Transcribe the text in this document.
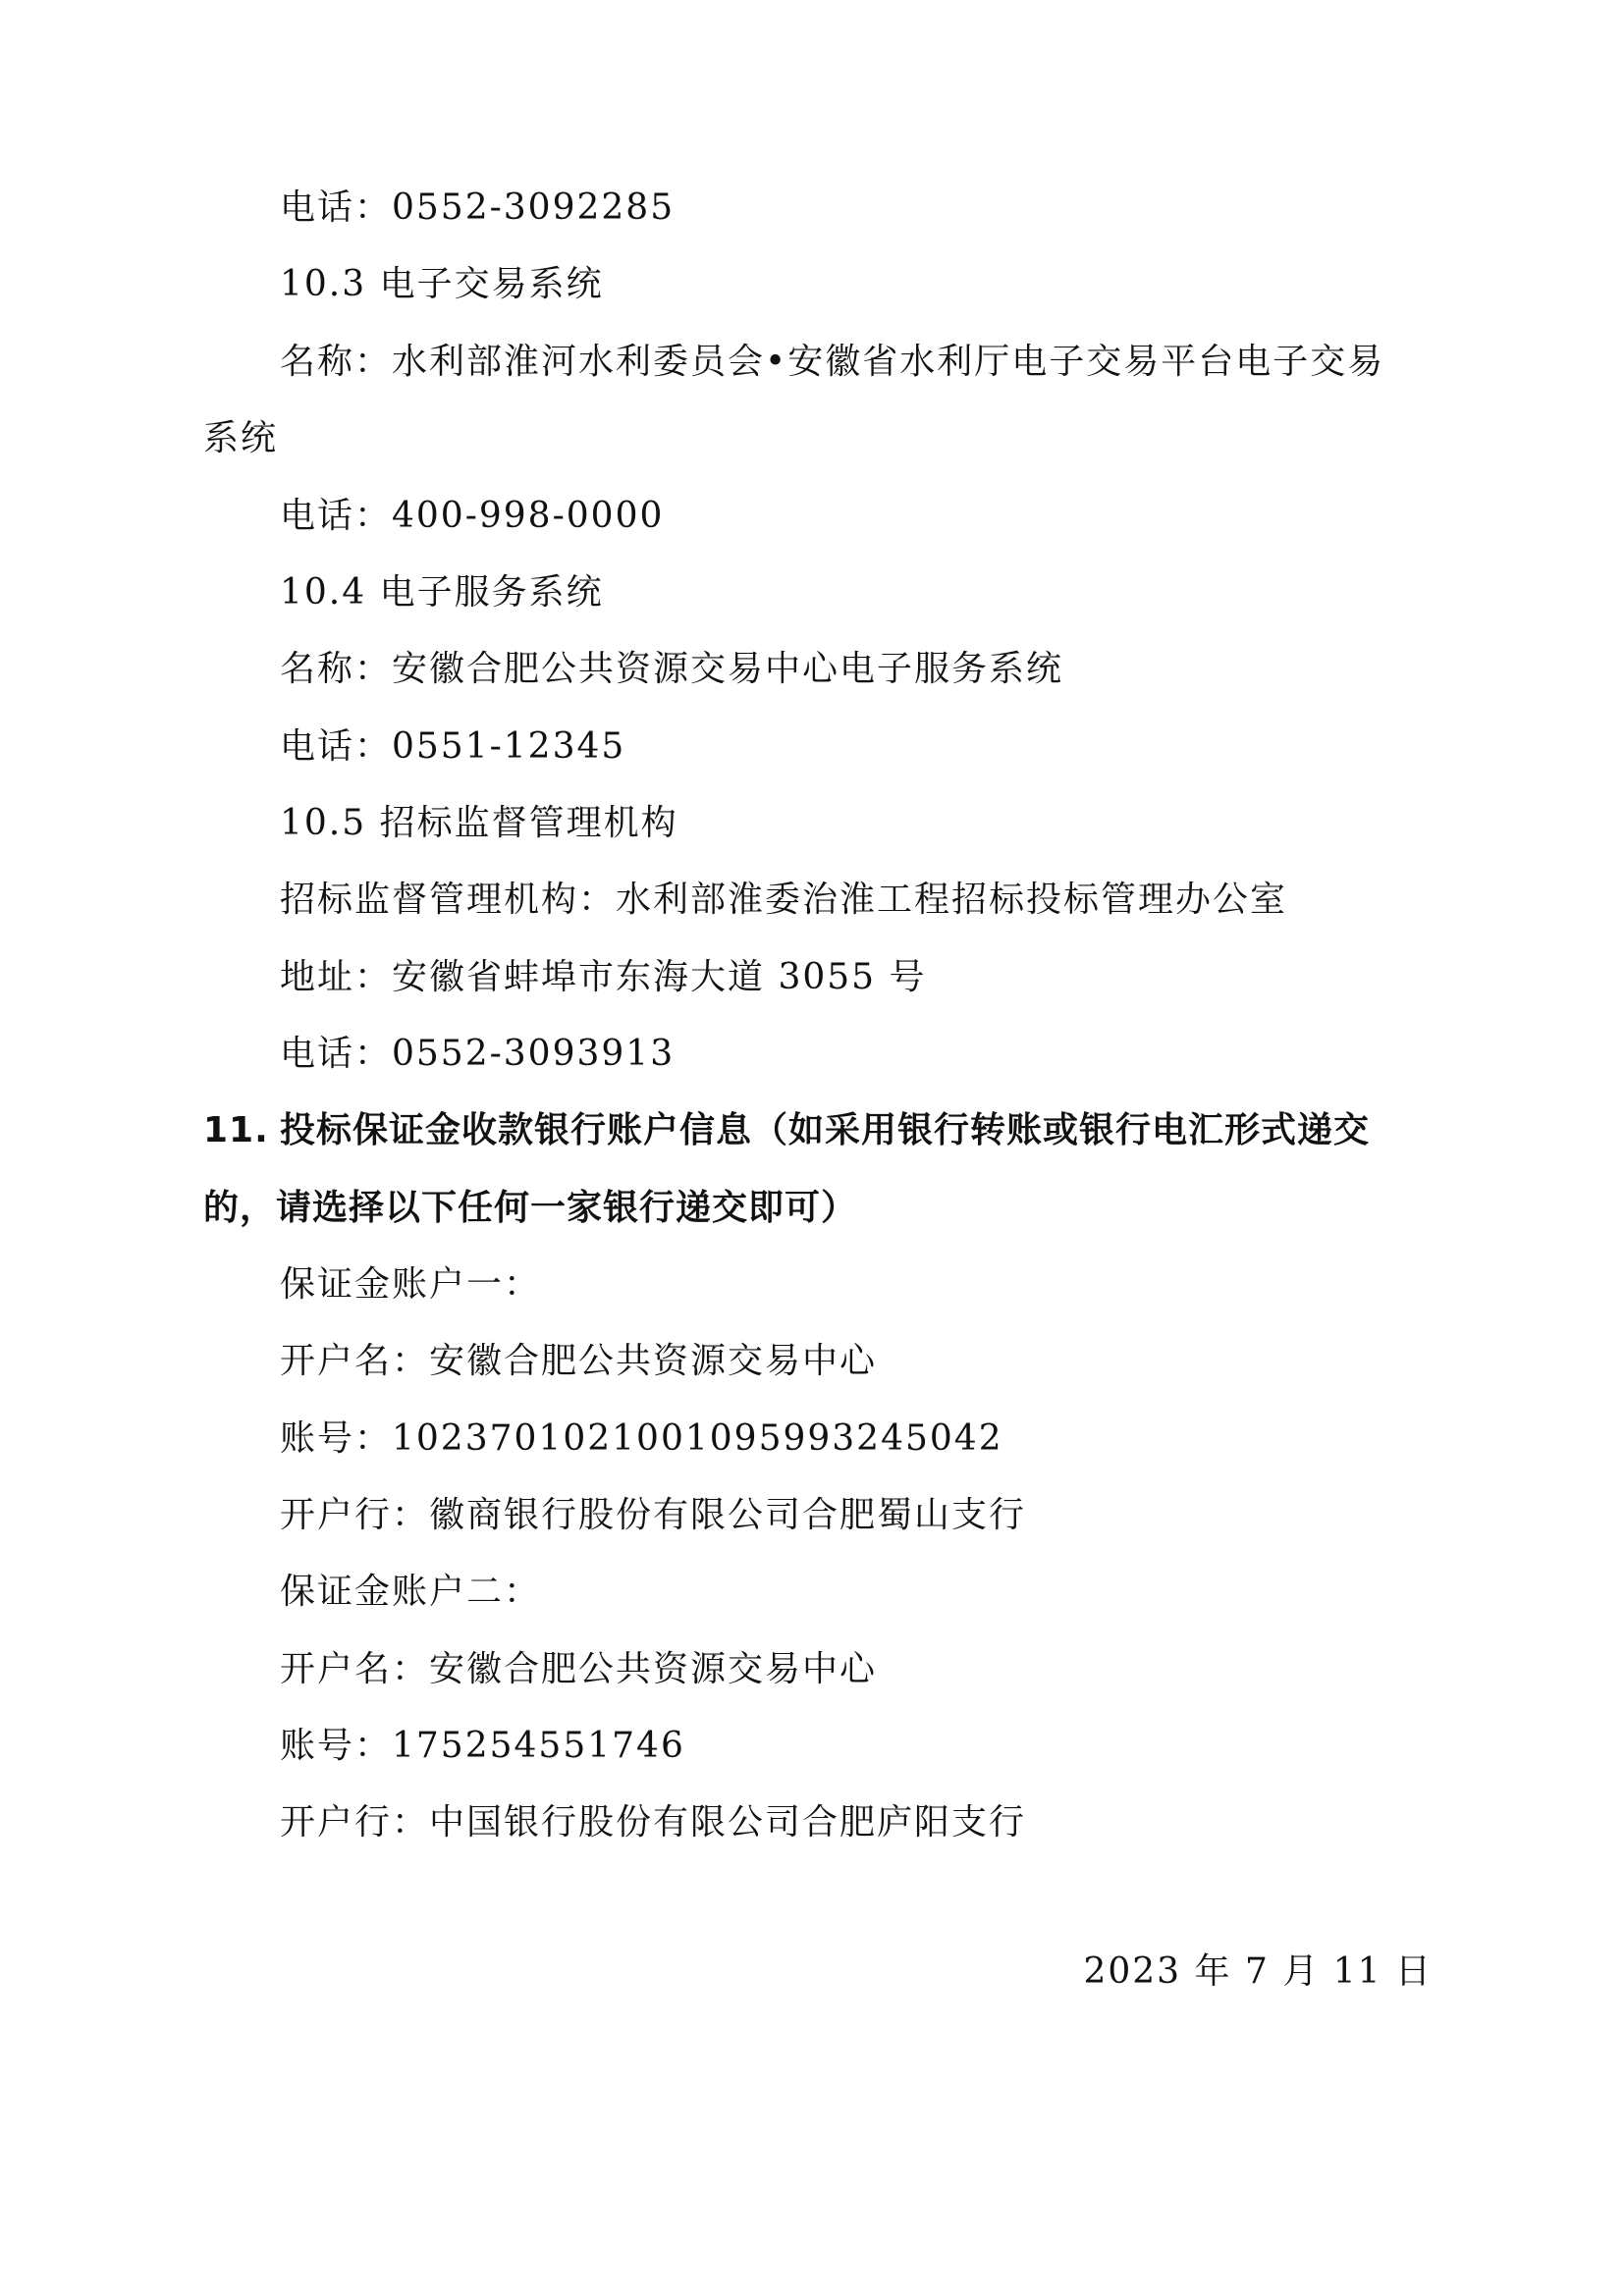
电话：0552-3092285
10.3 电子交易系统
名称：水利部淮河水利委员会•安徽省水利厅电子交易平台电子交易
系统
电话：400-998-0000
10.4 电子服务系统
名称：安徽合肥公共资源交易中心电子服务系统
电话：0551-12345
10.5 招标监督管理机构
招标监督管理机构：水利部淮委治淮工程招标投标管理办公室
地址：安徽省蚌埠市东海大道 3055 号
电话：0552-3093913
11. 投标保证金收款银行账户信息（如采用银行转账或银行电汇形式递交
的，请选择以下任何一家银行递交即可）
保证金账户一：
开户名：安徽合肥公共资源交易中心
账号：1023701021001095993245042
开户行：徽商银行股份有限公司合肥蜀山支行
保证金账户二：
开户名：安徽合肥公共资源交易中心
账号：175254551746
开户行：中国银行股份有限公司合肥庐阳支行
2023 年 7 月 11 日
